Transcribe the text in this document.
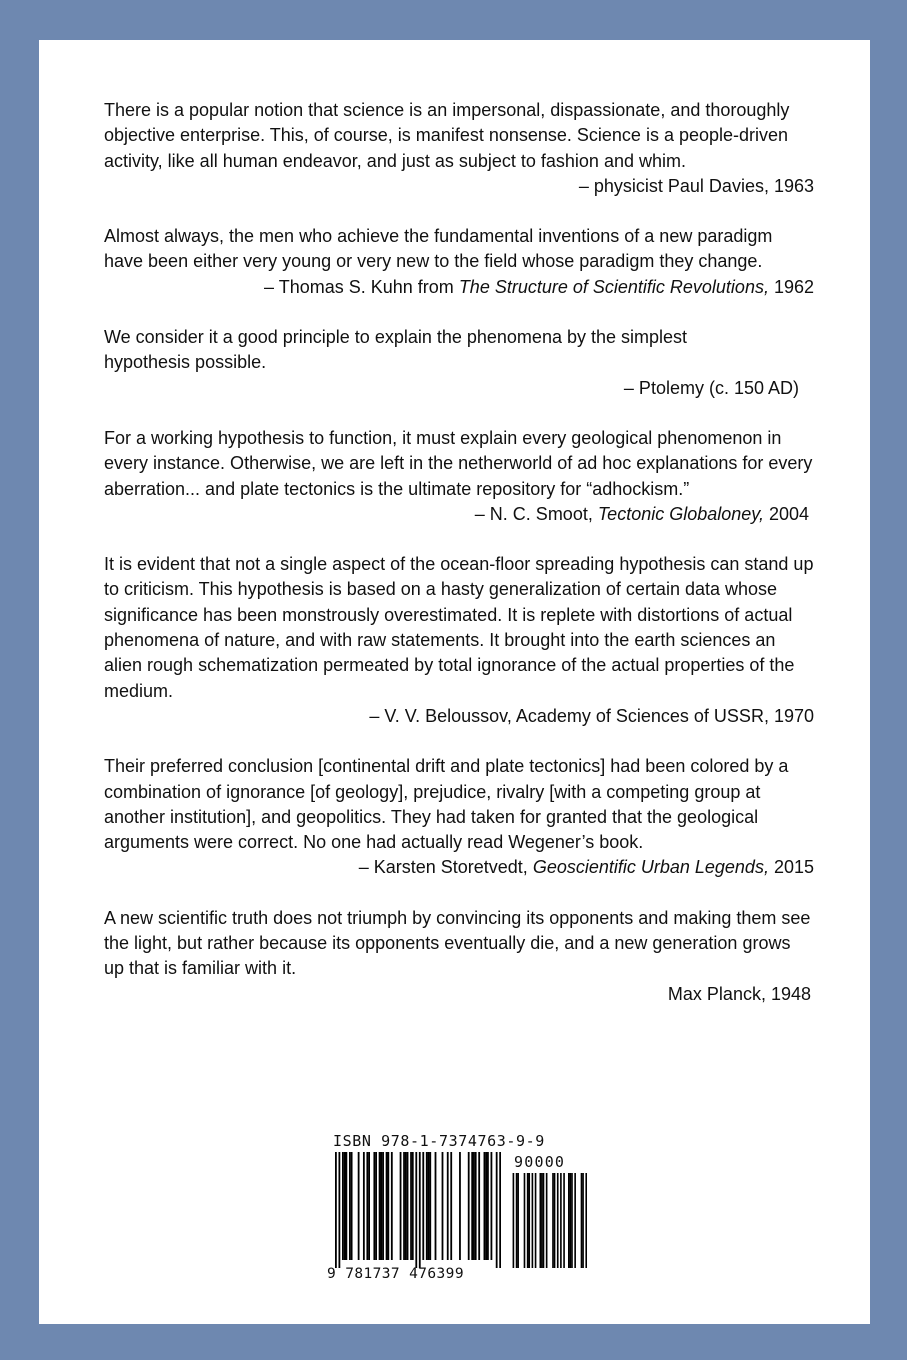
There is a popular notion that science is an impersonal, dispassionate, and thoroughly objective enterprise. This, of course, is manifest nonsense. Science is a people-driven activity, like all human endeavor, and just as subject to fashion and whim.

– physicist Paul Davies, 1963

Almost always, the men who achieve the fundamental inventions of a new paradigm have been either very young or very new to the field whose paradigm they change.

– Thomas S. Kuhn from The Structure of Scientific Revolutions, 1962

We consider it a good principle to explain the phenomena by the simplest hypothesis possible.

– Ptolemy (c. 150 AD)

For a working hypothesis to function, it must explain every geological phenomenon in every instance. Otherwise, we are left in the netherworld of ad hoc explanations for every aberration... and plate tectonics is the ultimate repository for “adhockism.”

– N. C. Smoot, Tectonic Globaloney, 2004

It is evident that not a single aspect of the ocean-floor spreading hypothesis can stand up to criticism. This hypothesis is based on a hasty generalization of certain data whose significance has been monstrously overestimated. It is replete with distortions of actual phenomena of nature, and with raw statements. It brought into the earth sciences an alien rough schematization permeated by total ignorance of the actual properties of the medium.

– V. V. Beloussov, Academy of Sciences of USSR, 1970

Their preferred conclusion [continental drift and plate tectonics] had been colored by a combination of ignorance [of geology], prejudice, rivalry [with a competing group at another institution], and geopolitics. They had taken for granted that the geological arguments were correct. No one had actually read Wegener’s book.

– Karsten Storetvedt, Geoscientific Urban Legends, 2015

A new scientific truth does not triumph by convincing its opponents and making them see the light, but rather because its opponents eventually die, and a new generation grows up that is familiar with it.

Max Planck, 1948

ISBN 978-1-7374763-9-9
90000
9 781737 476399
